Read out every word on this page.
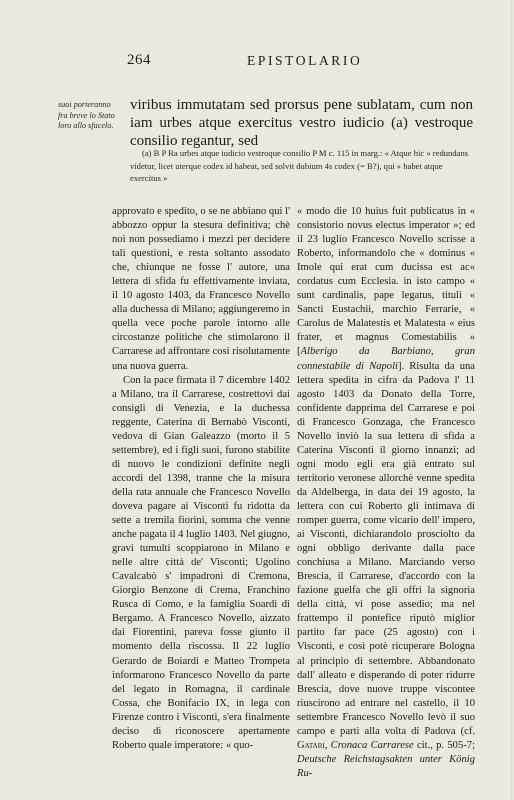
264	EPISTOLARIO
suoi porteranno fra breve lo Stato loro allo sfacelo.

viribus immutatam sed prorsus pene sublatam, cum non iam urbes atque exercitus vestro iudicio (a) vestroque consilio regantur, sed

(a) B P Ra urbes atque iudicio vestroque consilio P M c. 115 in marg.: « Atque hic » redundans videtur, licet uterque codex id habeat, sed solvit dubium 4s codex (= B?), qui » habet atque exercitus »

approvato e spedito, o se ne abbiano qui l' abbozzo oppur la stesura definitiva; chè noi non possediamo i mezzi per decidere tali questioni, e resta soltanto assodato che, chiunque ne fosse l' autore, una lettera di sfida fu effettivamente inviata, il 10 agosto 1403, da Francesco Novello alla duchessa di Milano; aggiungeremo in quella vece poche parole intorno alle circostanze politiche che stimolarono il Carrarese ad affrontare così risolutamente una nuova guerra.

Con la pace firmata il 7 dicembre 1402 a Milano, tra il Carrarese, costrettovi dai consigli di Venezia, e la duchessa reggente, Caterina di Bernabò Visconti, vedova di Gian Galeazzo (morto il 5 settembre), ed i figli suoi, furono stabilite di nuovo le condizioni definite negli accordi del 1398, tranne che la misura della rata annuale che Francesco Novello doveva pagare ai Visconti fu ridotta da sette a tremila fiorini, somma che venne anche pagata il 4 luglio 1403. Nel giugno, gravi tumulti scoppiarono in Milano e nelle altre città de' Visconti; Ugolino Cavalcabò s' impadronì di Cremona, Giorgio Benzone di Crema, Franchino Rusca di Como, e la famiglia Soardi di Bergamo. A Francesco Novello, aizzato dai Fiorentini, pareva fosse giunto il momento della riscossa. Il 22 luglio Gerardo de Boiardi e Matteo Trompeta informarono Francesco Novello da parte del legato in Romagna, il cardinale Cossa, che Bonifacio IX, in lega con Firenze contro i Visconti, s'era finalmente deciso di riconoscere apertamente Roberto quale imperatore: « quo-

« modo die 10 huius fuit publicatus in « consistorio novus electus imperator »; ed il 23 luglio Francesco Novello scrisse a Roberto, informandolo che « dominus « Imole qui erat cum ducissa est ac« cordatus cum Ecclesia. in isto campo « sunt cardinalis, pape legatus, tituli « Sancti Eustachii, marchio Ferrarie, « Carolus de Malatestis et Malatesta « eius frater, et magnus Comestabilis » [Alberigo da Barbiano, gran connestabile di Napoli]. Risulta da una lettera spedita in cifra da Padova l' 11 agosto 1403 da Donato della Torre, confidente dapprima del Carrarese e poi di Francesco Gonzaga, che Francesco Novello inviò la sua lettera di sfida a Caterina Visconti il giorno innanzi; ad ogni modo egli era già entrato sul territorio veronese allorchè venne spedita da Aldelberga, in data dei 19 agosto, la lettera con cui Roberto gli intimava di romper guerra, come vicario dell' impero, ai Visconti, dichiarandolo prosciolto da ogni obbligo derivante dalla pace conchiusa a Milano. Marciando verso Brescia, il Carrarese, d'accordo con la fazione guelfa che gli offrì la signoria della città, vi pose assedio; ma nel frattempo il pontefice riputò miglior partito far pace (25 agosto) con i Visconti, e così potè ricuperare Bologna al principio di settembre. Abbandonato dall' alleato e disperando di poter ridurre Brescia, dove nuove truppe viscontee riuscirono ad entrare nel castello, il 10 settembre Francesco Novello levò il suo campo e partì alla volta di Padova (cf. Gatari, Cronaca Carrarese cit., p. 505-7; Deutsche Reichstagsakten unter König Ru-
